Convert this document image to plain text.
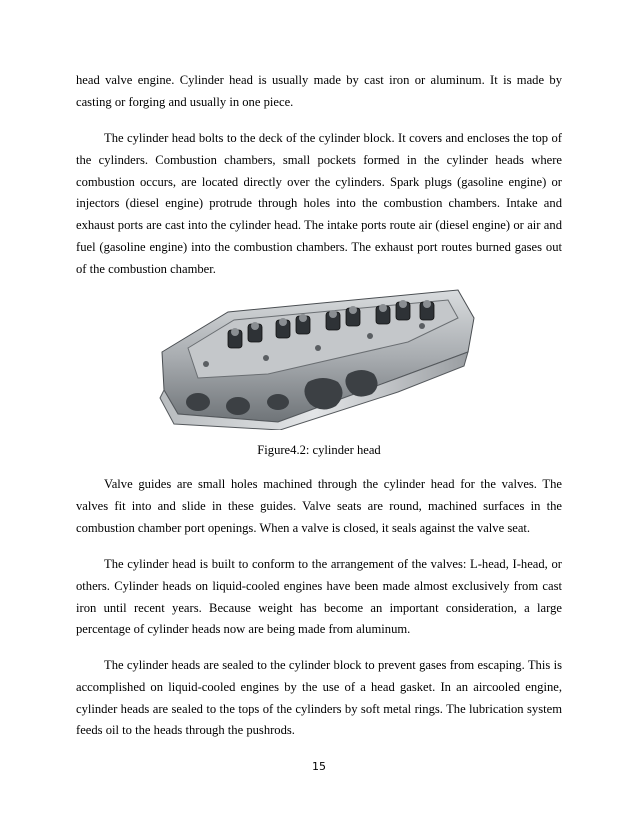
head valve engine. Cylinder head is usually made by cast iron or aluminum. It is made by casting or forging and usually in one piece.

The cylinder head bolts to the deck of the cylinder block. It covers and encloses the top of the cylinders. Combustion chambers, small pockets formed in the cylinder heads where combustion occurs, are located directly over the cylinders. Spark plugs (gasoline engine) or injectors (diesel engine) protrude through holes into the combustion chambers. Intake and exhaust ports are cast into the cylinder head. The intake ports route air (diesel engine) or air and fuel (gasoline engine) into the combustion chambers. The exhaust port routes burned gases out of the combustion chamber.

Figure4.2: cylinder head

Valve guides are small holes machined through the cylinder head for the valves. The valves fit into and slide in these guides. Valve seats are round, machined surfaces in the combustion chamber port openings. When a valve is closed, it seals against the valve seat.

The cylinder head is built to conform to the arrangement of the valves: L-head, I-head, or others. Cylinder heads on liquid-cooled engines have been made almost exclusively from cast iron until recent years. Because weight has become an important consideration, a large percentage of cylinder heads now are being made from aluminum.

The cylinder heads are sealed to the cylinder block to prevent gases from escaping. This is accomplished on liquid-cooled engines by the use of a head gasket. In an aircooled engine, cylinder heads are sealed to the tops of the cylinders by soft metal rings. The lubrication system feeds oil to the heads through the pushrods.

15
